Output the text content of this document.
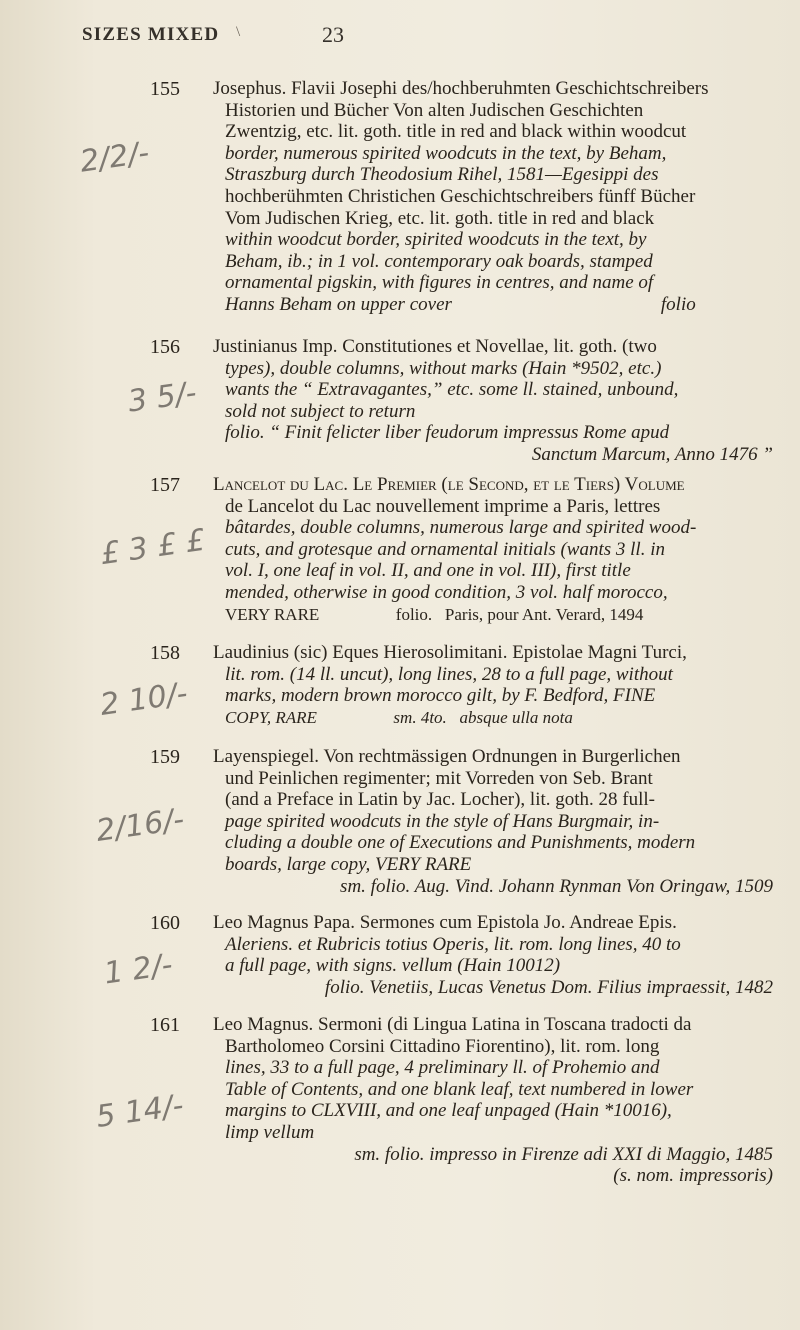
SIZES MIXED \	23
155 Josephus. Flavii Josephi des/hochberuhmten Geschichtschreibers
Historien und Bücher Von alten Judischen Geschichten
Zwentzig, etc. lit. goth. title in red and black within woodcut
border, numerous spirited woodcuts in the text, by Beham,
Straszburg durch Theodosium Rihel, 1581—Egesippi des
hochberühmten Christichen Geschichtschreibers fünff Bücher
Vom Judischen Krieg, etc. lit. goth. title in red and black
within woodcut border, spirited woodcuts in the text, by
Beham, ib.; in 1 vol. contemporary oak boards, stamped
ornamental pigskin, with figures in centres, and name of
Hanns Beham on upper cover                                            folio
2/2/-
156 Justinianus Imp. Constitutiones et Novellae, lit. goth. (two
types), double columns, without marks (Hain *9502, etc.)
wants the “ Extravagantes,” etc. some ll. stained, unbound,
sold not subject to return
folio. “ Finit felicter liber feudorum impressus Rome apud
Sanctum Marcum, Anno 1476 ”
3 5/-
157 Lancelot du Lac. Le Premier (le Second, et le Tiers) Volume
de Lancelot du Lac nouvellement imprime a Paris, lettres
bâtardes, double columns, numerous large and spirited wood-
cuts, and grotesque and ornamental initials (wants 3 ll. in
vol. I, one leaf in vol. II, and one in vol. III), first title
mended, otherwise in good condition, 3 vol. half morocco,
VERY RARE                  folio.   Paris, pour Ant. Verard, 1494
£ 3 £ £
158 Laudinius (sic) Eques Hierosolimitani. Epistolae Magni Turci,
lit. rom. (14 ll. uncut), long lines, 28 to a full page, without
marks, modern brown morocco gilt, by F. Bedford, FINE
COPY, RARE                  sm. 4to.   absque ulla nota
2 10/-
159 Layenspiegel. Von rechtmässigen Ordnungen in Burgerlichen
und Peinlichen regimenter; mit Vorreden von Seb. Brant
(and a Preface in Latin by Jac. Locher), lit. goth. 28 full-
page spirited woodcuts in the style of Hans Burgmair, in-
cluding a double one of Executions and Punishments, modern
boards, large copy, VERY RARE
sm. folio. Aug. Vind. Johann Rynman Von Oringaw, 1509
2/16/-
160 Leo Magnus Papa. Sermones cum Epistola Jo. Andreae Epis.
Aleriens. et Rubricis totius Operis, lit. rom. long lines, 40 to
a full page, with signs. vellum (Hain 10012)
folio. Venetiis, Lucas Venetus Dom. Filius impraessit, 1482
1 2/-
161 Leo Magnus. Sermoni (di Lingua Latina in Toscana tradocti da
Bartholomeo Corsini Cittadino Fiorentino), lit. rom. long
lines, 33 to a full page, 4 preliminary ll. of Prohemio and
Table of Contents, and one blank leaf, text numbered in lower
margins to CLXVIII, and one leaf unpaged (Hain *10016),
limp vellum
sm. folio. impresso in Firenze adi XXI di Maggio, 1485
(s. nom. impressoris)
5 14/-
